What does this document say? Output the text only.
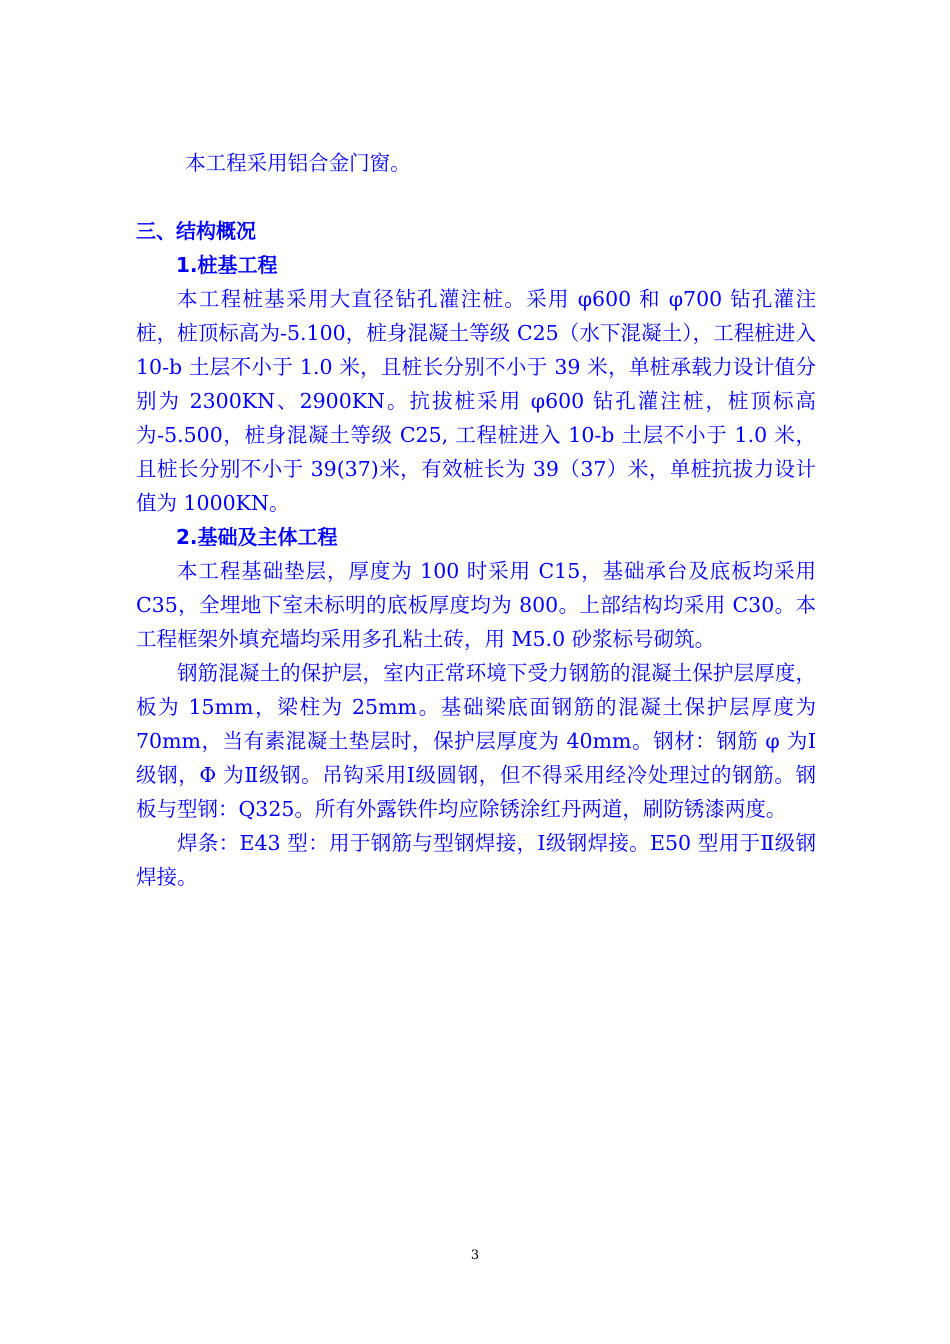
本工程采用铝合金门窗。

三、结构概况
1.桩基工程

本工程桩基采用大直径钻孔灌注桩。采用 φ600 和 φ700 钻孔灌注桩，桩顶标高为-5.100，桩身混凝土等级 C25（水下混凝土），工程桩进入 10-b 土层不小于 1.0 米，且桩长分别不小于 39 米，单桩承载力设计值分别为 2300KN、2900KN。抗拔桩采用 φ600 钻孔灌注桩，桩顶标高为-5.500，桩身混凝土等级 C25, 工程桩进入 10-b 土层不小于 1.0 米，且桩长分别不小于 39(37)米，有效桩长为 39（37）米，单桩抗拔力设计值为 1000KN。

2.基础及主体工程

本工程基础垫层，厚度为 100 时采用 C15，基础承台及底板均采用 C35，全埋地下室未标明的底板厚度均为 800。上部结构均采用 C30。本工程框架外填充墙均采用多孔粘土砖，用 M5.0 砂浆标号砌筑。

钢筋混凝土的保护层，室内正常环境下受力钢筋的混凝土保护层厚度，板为 15mm，梁柱为 25mm。基础梁底面钢筋的混凝土保护层厚度为 70mm，当有素混凝土垫层时，保护层厚度为 40mm。钢材：钢筋 φ 为Ⅰ级钢，Φ 为Ⅱ级钢。吊钩采用Ⅰ级圆钢，但不得采用经冷处理过的钢筋。钢板与型钢：Q325。所有外露铁件均应除锈涂红丹两道，刷防锈漆两度。

焊条：E43 型：用于钢筋与型钢焊接，Ⅰ级钢焊接。E50 型用于Ⅱ级钢焊接。

3
